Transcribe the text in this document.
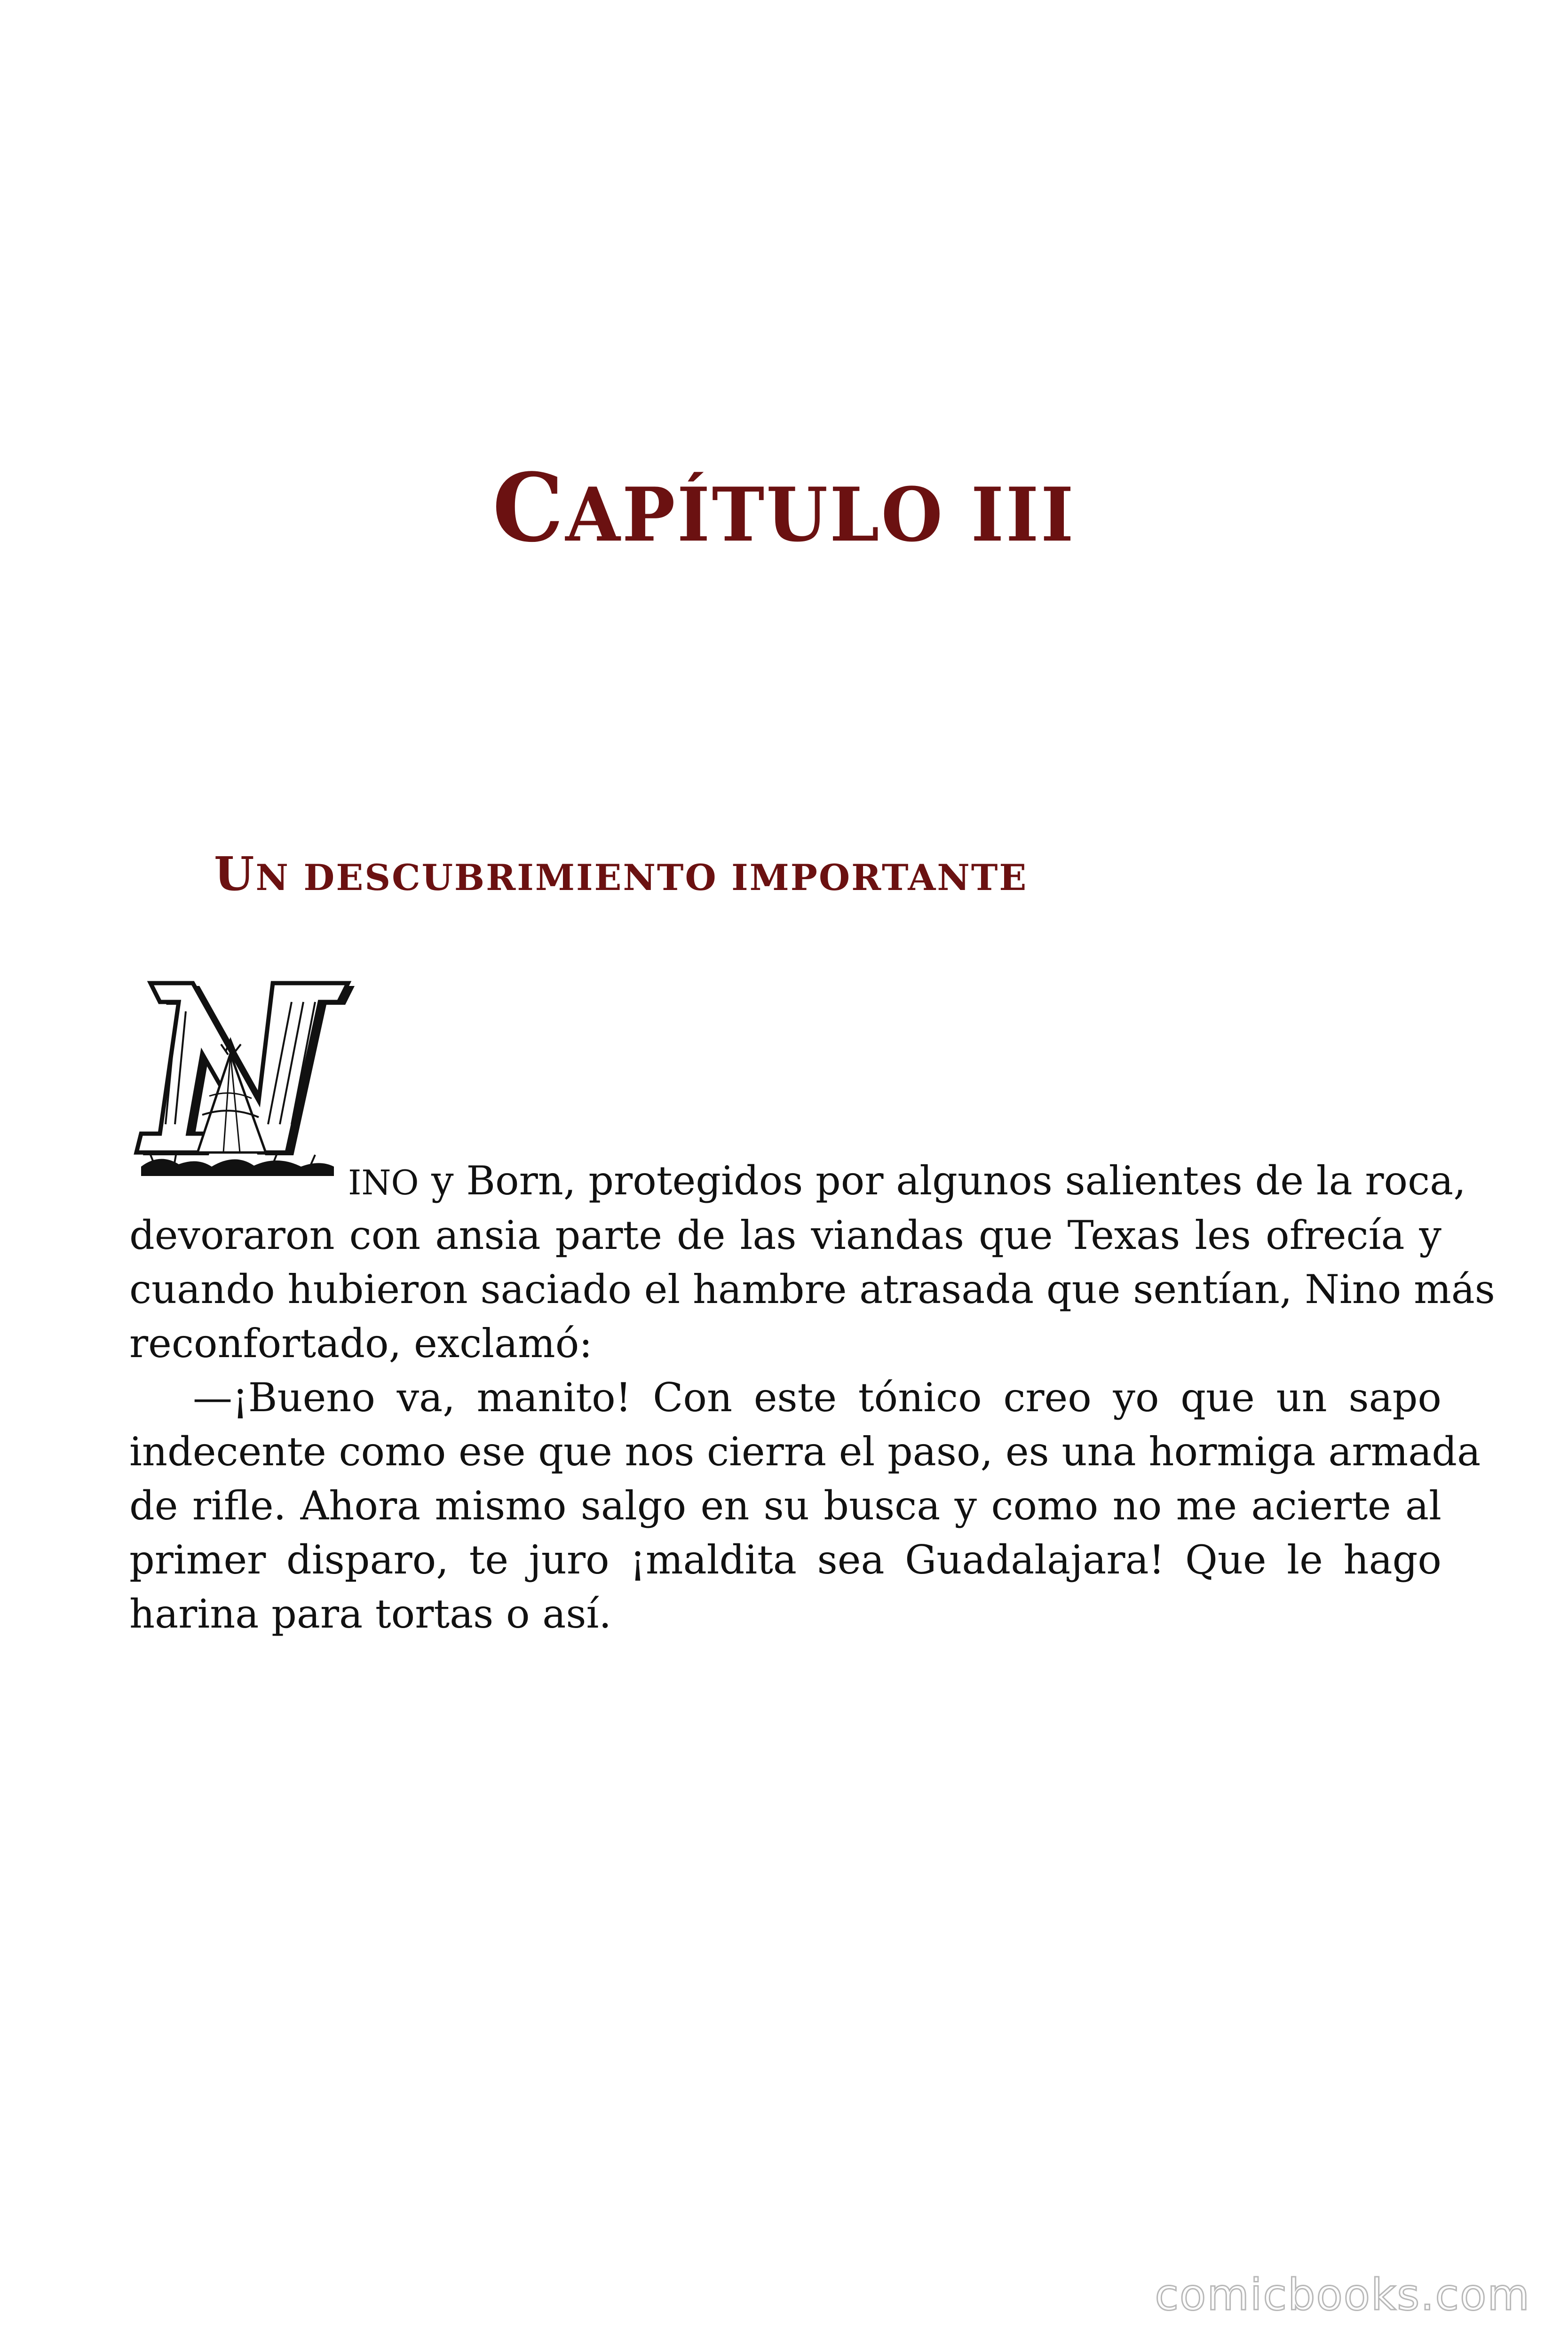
CAPÍTULO III
UN DESCUBRIMIENTO IMPORTANTE
INO y Born, protegidos por algunos salientes de la roca,
devoraron con ansia parte de las viandas que Texas les ofrecía y
cuando hubieron saciado el hambre atrasada que sentían, Nino más
reconfortado, exclamó:
—¡Bueno va, manito! Con este tónico creo yo que un sapo
indecente como ese que nos cierra el paso, es una hormiga armada
de rifle. Ahora mismo salgo en su busca y como no me acierte al
primer disparo, te juro ¡maldita sea Guadalajara! Que le hago
harina para tortas o así.
comicbooks.com
